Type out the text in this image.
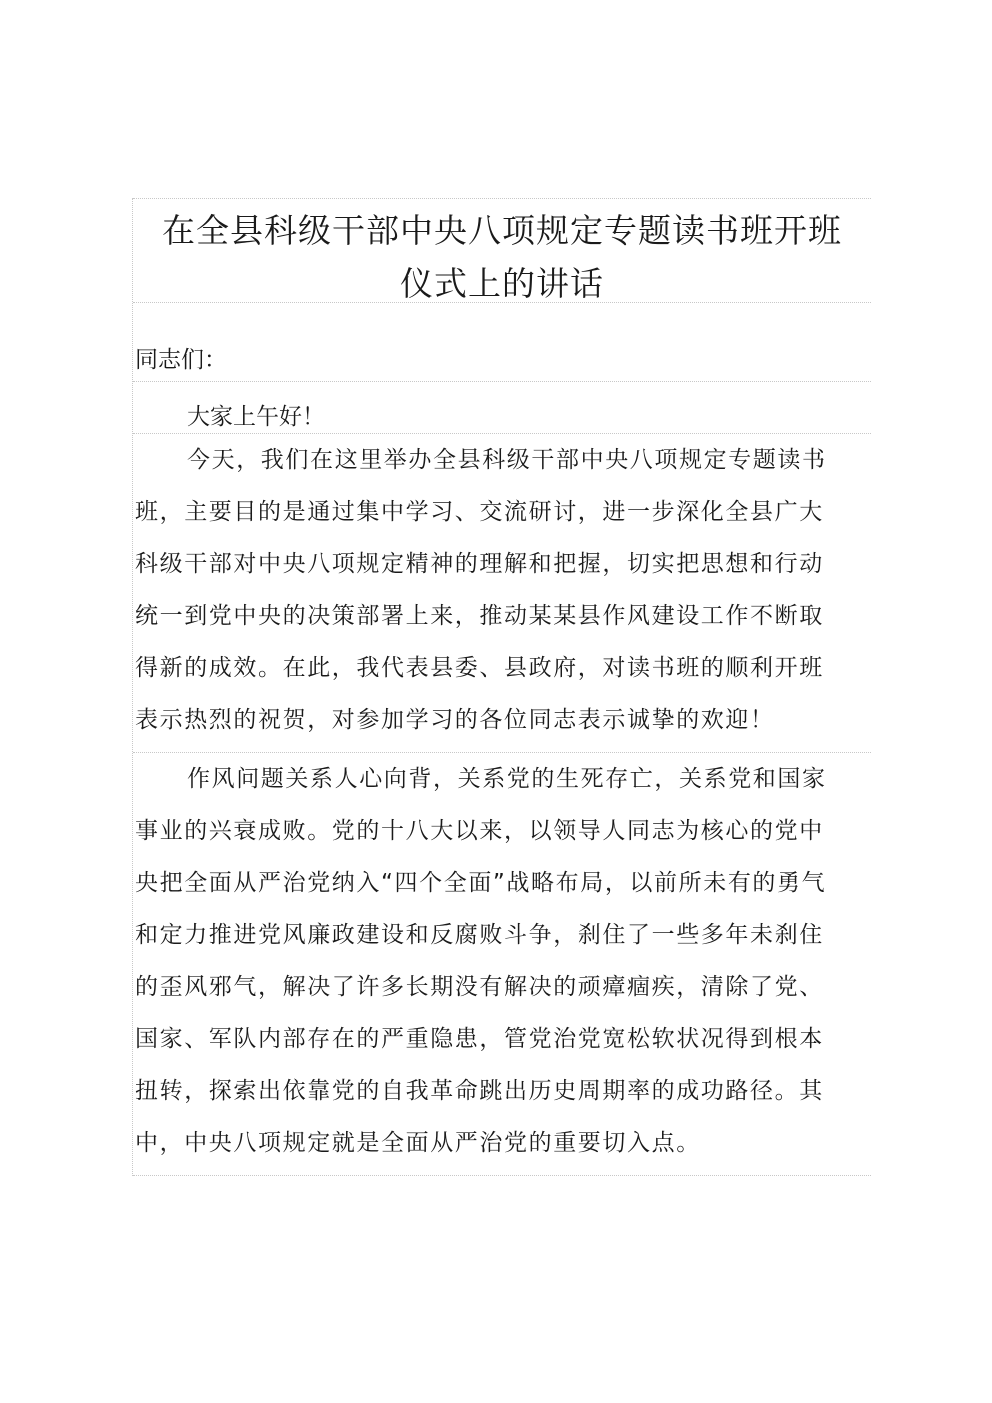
在全县科级干部中央八项规定专题读书班开班
仪式上的讲话
同志们：
大家上午好！
今天，我们在这里举办全县科级干部中央八项规定专题读书
班，主要目的是通过集中学习、交流研讨，进一步深化全县广大
科级干部对中央八项规定精神的理解和把握，切实把思想和行动
统一到党中央的决策部署上来，推动某某县作风建设工作不断取
得新的成效。在此，我代表县委、县政府，对读书班的顺利开班
表示热烈的祝贺，对参加学习的各位同志表示诚挚的欢迎！
作风问题关系人心向背，关系党的生死存亡，关系党和国家
事业的兴衰成败。党的十八大以来，以领导人同志为核心的党中
央把全面从严治党纳入“四个全面”战略布局，以前所未有的勇气
和定力推进党风廉政建设和反腐败斗争，刹住了一些多年未刹住
的歪风邪气，解决了许多长期没有解决的顽瘴痼疾，清除了党、
国家、军队内部存在的严重隐患，管党治党宽松软状况得到根本
扭转，探索出依靠党的自我革命跳出历史周期率的成功路径。其
中，中央八项规定就是全面从严治党的重要切入点。
